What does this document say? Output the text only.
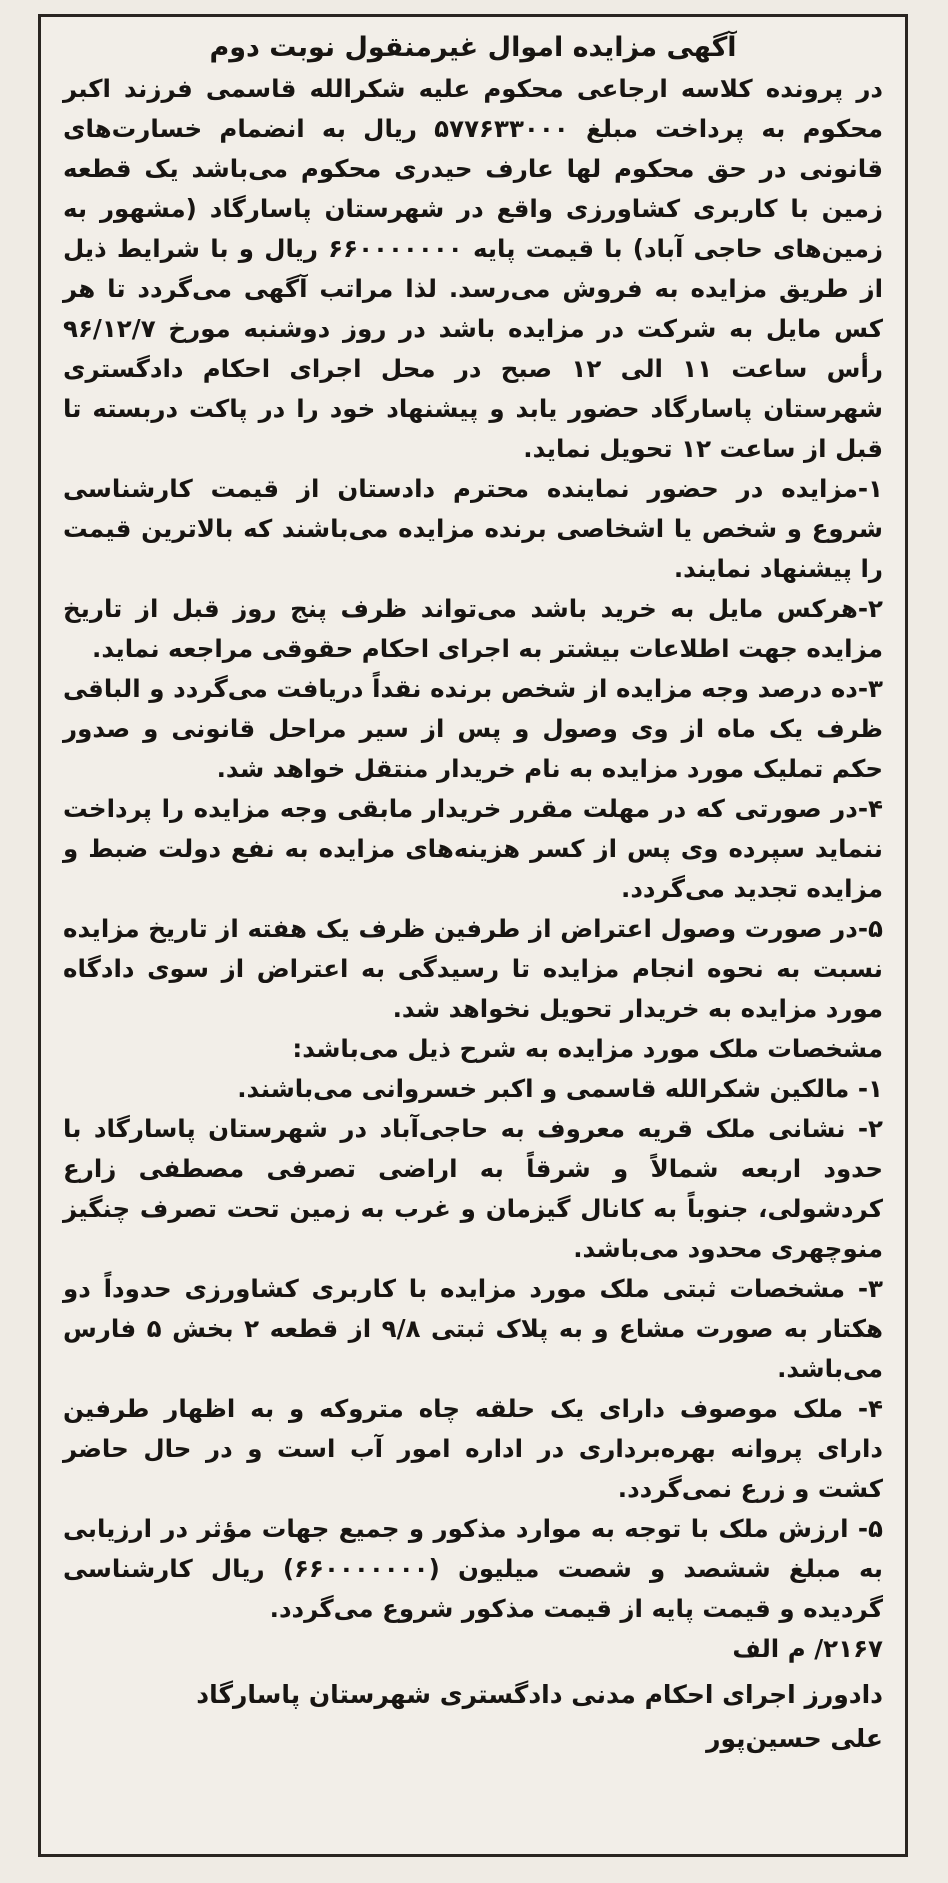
آگهی مزایده اموال غیرمنقول نوبت دوم

در پرونده کلاسه ارجاعی محکوم علیه شکرالله قاسمی فرزند اکبر محکوم به پرداخت مبلغ ۵۷۷۶۳۳۰۰۰ ریال به انضمام خسارت‌های قانونی در حق محکوم لها عارف حیدری محکوم می‌باشد یک قطعه زمین با کاربری کشاورزی واقع در شهرستان پاسارگاد (مشهور به زمین‌های حاجی آباد) با قیمت پایه ۶۶۰۰۰۰۰۰۰ ریال و با شرایط ذیل از طریق مزایده به فروش می‌رسد. لذا مراتب آگهی می‌گردد تا هر کس مایل به شرکت در مزایده باشد در روز دوشنبه مورخ ۹۶/۱۲/۷ رأس ساعت ۱۱ الی ۱۲ صبح در محل اجرای احکام دادگستری شهرستان پاسارگاد حضور یابد و پیشنهاد خود را در پاکت دربسته تا قبل از ساعت ۱۲ تحویل نماید.

۱-مزایده در حضور نماینده محترم دادستان از قیمت کارشناسی شروع و شخص یا اشخاصی برنده مزایده می‌باشند که بالاترین قیمت را پیشنهاد نمایند.

۲-هرکس مایل به خرید باشد می‌تواند ظرف پنج روز قبل از تاریخ مزایده جهت اطلاعات بیشتر به اجرای احکام حقوقی مراجعه نماید.

۳-ده درصد وجه مزایده از شخص برنده نقداً دریافت می‌گردد و الباقی ظرف یک ماه از وی وصول و پس از سیر مراحل قانونی و صدور حکم تملیک مورد مزایده به نام خریدار منتقل خواهد شد.

۴-در صورتی که در مهلت مقرر خریدار مابقی وجه مزایده را پرداخت ننماید سپرده وی پس از کسر هزینه‌های مزایده به نفع دولت ضبط و مزایده تجدید می‌گردد.

۵-در صورت وصول اعتراض از طرفین ظرف یک هفته از تاریخ مزایده نسبت به نحوه انجام مزایده تا رسیدگی به اعتراض از سوی دادگاه مورد مزایده به خریدار تحویل نخواهد شد.

مشخصات ملک مورد مزایده به شرح ذیل می‌باشد:

۱- مالکین شکرالله قاسمی و اکبر خسروانی می‌باشند.

۲- نشانی ملک قریه معروف به حاجی‌آباد در شهرستان پاسارگاد با حدود اربعه شمالاً و شرقاً به اراضی تصرفی مصطفی زارع کردشولی، جنوباً به کانال گیزمان و غرب به زمین تحت تصرف چنگیز منوچهری محدود می‌باشد.

۳- مشخصات ثبتی ملک مورد مزایده با کاربری کشاورزی حدوداً دو هکتار به صورت مشاع و به پلاک ثبتی ۹/۸ از قطعه ۲ بخش ۵ فارس می‌باشد.

۴- ملک موصوف دارای یک حلقه چاه متروکه و به اظهار طرفین دارای پروانه بهره‌برداری در اداره امور آب است و در حال حاضر کشت و زرع نمی‌گردد.

۵- ارزش ملک با توجه به موارد مذکور و جمیع جهات مؤثر در ارزیابی به مبلغ ششصد و شصت میلیون (۶۶۰۰۰۰۰۰۰) ریال کارشناسی گردیده و قیمت پایه از قیمت مذکور شروع می‌گردد.

۲۱۶۷/ م الف

دادورز اجرای احکام مدنی دادگستری شهرستان پاسارگاد

علی حسین‌پور
